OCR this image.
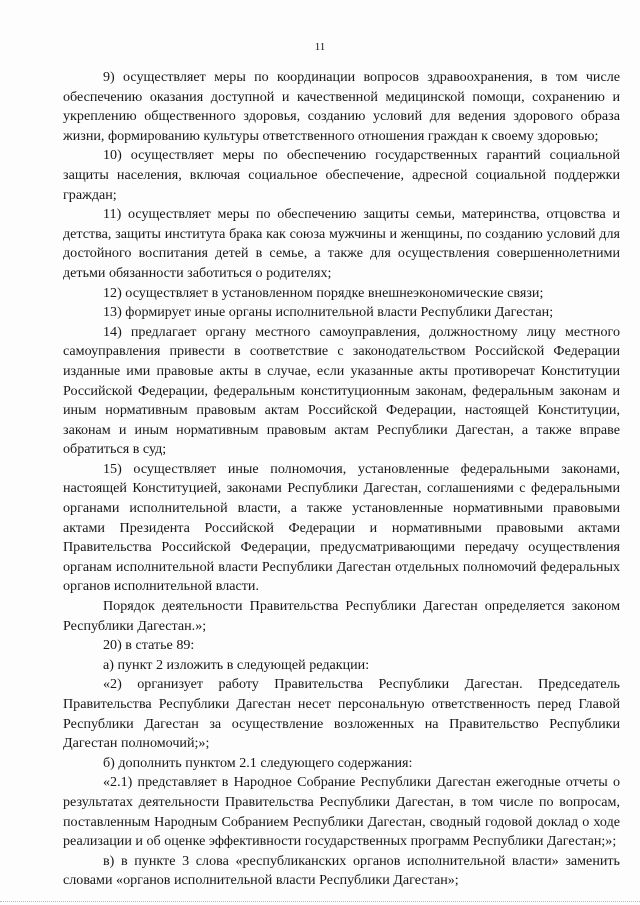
11

9) осуществляет меры по координации вопросов здравоохранения, в том числе обеспечению оказания доступной и качественной медицинской помощи, сохранению и укреплению общественного здоровья, созданию условий для ведения здорового образа жизни, формированию культуры ответственного отношения граждан к своему здоровью;

10) осуществляет меры по обеспечению государственных гарантий социальной защиты населения, включая социальное обеспечение, адресной социальной поддержки граждан;

11) осуществляет меры по обеспечению защиты семьи, материнства, отцовства и детства, защиты института брака как союза мужчины и женщины, по созданию условий для достойного воспитания детей в семье, а также для осуществления совершеннолетними детьми обязанности заботиться о родителях;

12) осуществляет в установленном порядке внешнеэкономические связи;

13) формирует иные органы исполнительной власти Республики Дагестан;

14) предлагает органу местного самоуправления, должностному лицу местного самоуправления привести в соответствие с законодательством Российской Федерации изданные ими правовые акты в случае, если указанные акты противоречат Конституции Российской Федерации, федеральным конституционным законам, федеральным законам и иным нормативным правовым актам Российской Федерации, настоящей Конституции, законам и иным нормативным правовым актам Республики Дагестан, а также вправе обратиться в суд;

15) осуществляет иные полномочия, установленные федеральными законами, настоящей Конституцией, законами Республики Дагестан, соглашениями с федеральными органами исполнительной власти, а также установленные нормативными правовыми актами Президента Российской Федерации и нормативными правовыми актами Правительства Российской Федерации, предусматривающими передачу осуществления органам исполнительной власти Республики Дагестан отдельных полномочий федеральных органов исполнительной власти.

Порядок деятельности Правительства Республики Дагестан определяется законом Республики Дагестан.»;

20) в статье 89:

а) пункт 2 изложить в следующей редакции:

«2) организует работу Правительства Республики Дагестан. Председатель Правительства Республики Дагестан несет персональную ответственность перед Главой Республики Дагестан за осуществление возложенных на Правительство Республики Дагестан полномочий;»;

б) дополнить пунктом 2.1 следующего содержания:

«2.1) представляет в Народное Собрание Республики Дагестан ежегодные отчеты о результатах деятельности Правительства Республики Дагестан, в том числе по вопросам, поставленным Народным Собранием Республики Дагестан, сводный годовой доклад о ходе реализации и об оценке эффективности государственных программ Республики Дагестан;»;

в) в пункте 3 слова «республиканских органов исполнительной власти» заменить словами «органов исполнительной власти Республики Дагестан»;
